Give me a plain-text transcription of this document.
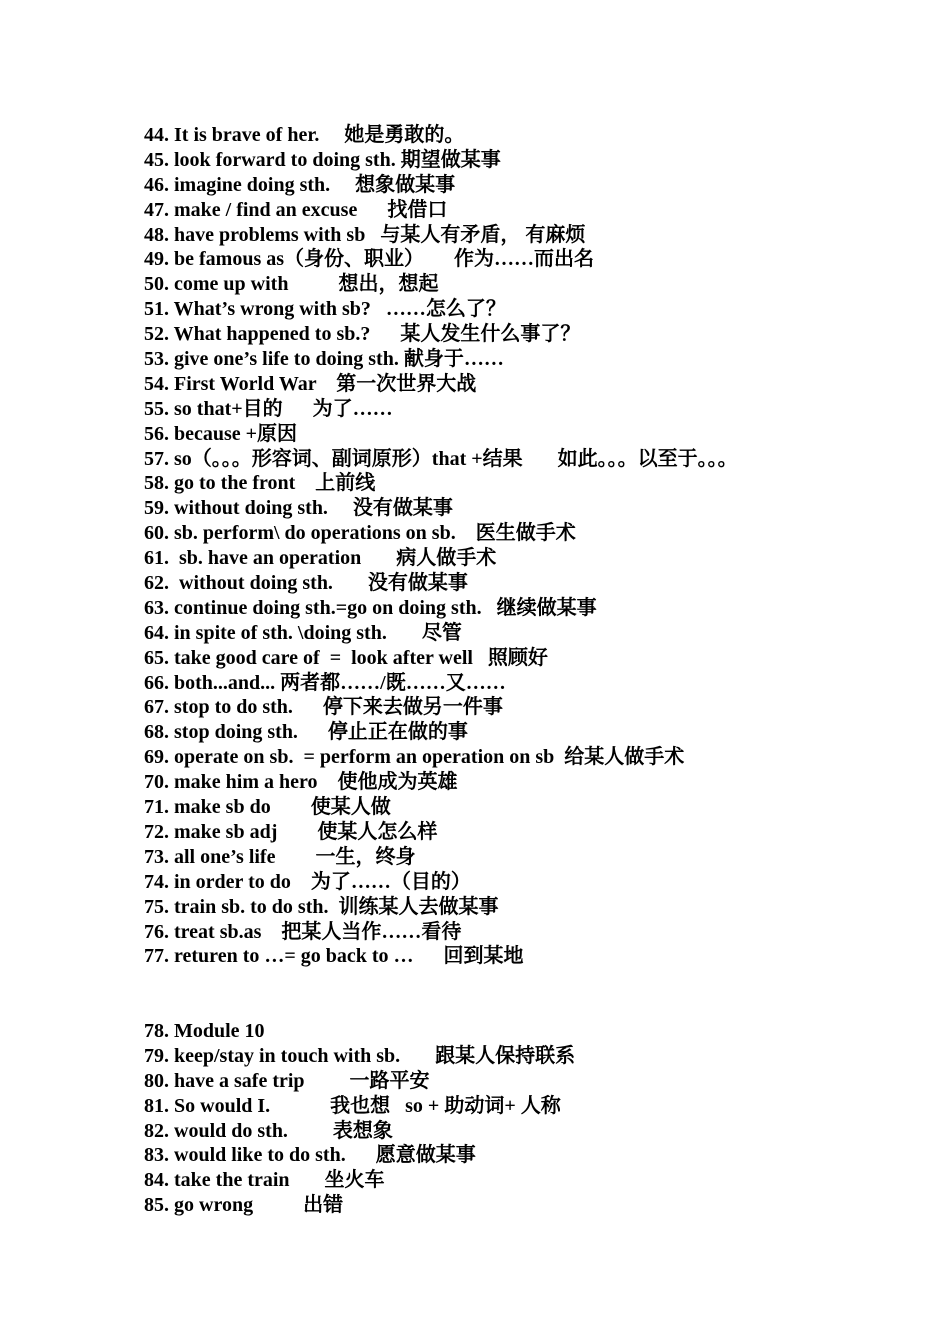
44. It is brave of her.     她是勇敢的。
45. look forward to doing sth. 期望做某事
46. imagine doing sth.     想象做某事
47. make / find an excuse      找借口
48. have problems with sb   与某人有矛盾， 有麻烦
49. be famous as（身份、职业）      作为……而出名
50. come up with          想出，想起
51. What’s wrong with sb?   ……怎么了？
52. What happened to sb.?      某人发生什么事了？
53. give one’s life to doing sth. 献身于……
54. First World War    第一次世界大战
55. so that+目的      为了……
56. because +原因
57. so（。。。形容词、副词原形）that +结果       如此。。。以至于。。。
58. go to the front    上前线
59. without doing sth.     没有做某事
60. sb. perform\ do operations on sb.    医生做手术
61.  sb. have an operation       病人做手术
62.  without doing sth.       没有做某事
63. continue doing sth.=go on doing sth.   继续做某事
64. in spite of sth. \doing sth.       尽管
65. take good care of  =  look after well   照顾好
66. both...and... 两者都……/既……又……
67. stop to do sth.      停下来去做另一件事
68. stop doing sth.      停止正在做的事
69. operate on sb.  = perform an operation on sb  给某人做手术
70. make him a hero    使他成为英雄
71. make sb do        使某人做
72. make sb adj        使某人怎么样
73. all one’s life        一生，终身
74. in order to do    为了……（目的）
75. train sb. to do sth.  训练某人去做某事
76. treat sb.as    把某人当作……看待
77. returen to …= go back to …      回到某地
78. Module 10
79. keep/stay in touch with sb.       跟某人保持联系
80. have a safe trip         一路平安
81. So would I.            我也想   so + 助动词+ 人称
82. would do sth.         表想象
83. would like to do sth.      愿意做某事
84. take the train       坐火车
85. go wrong          出错
